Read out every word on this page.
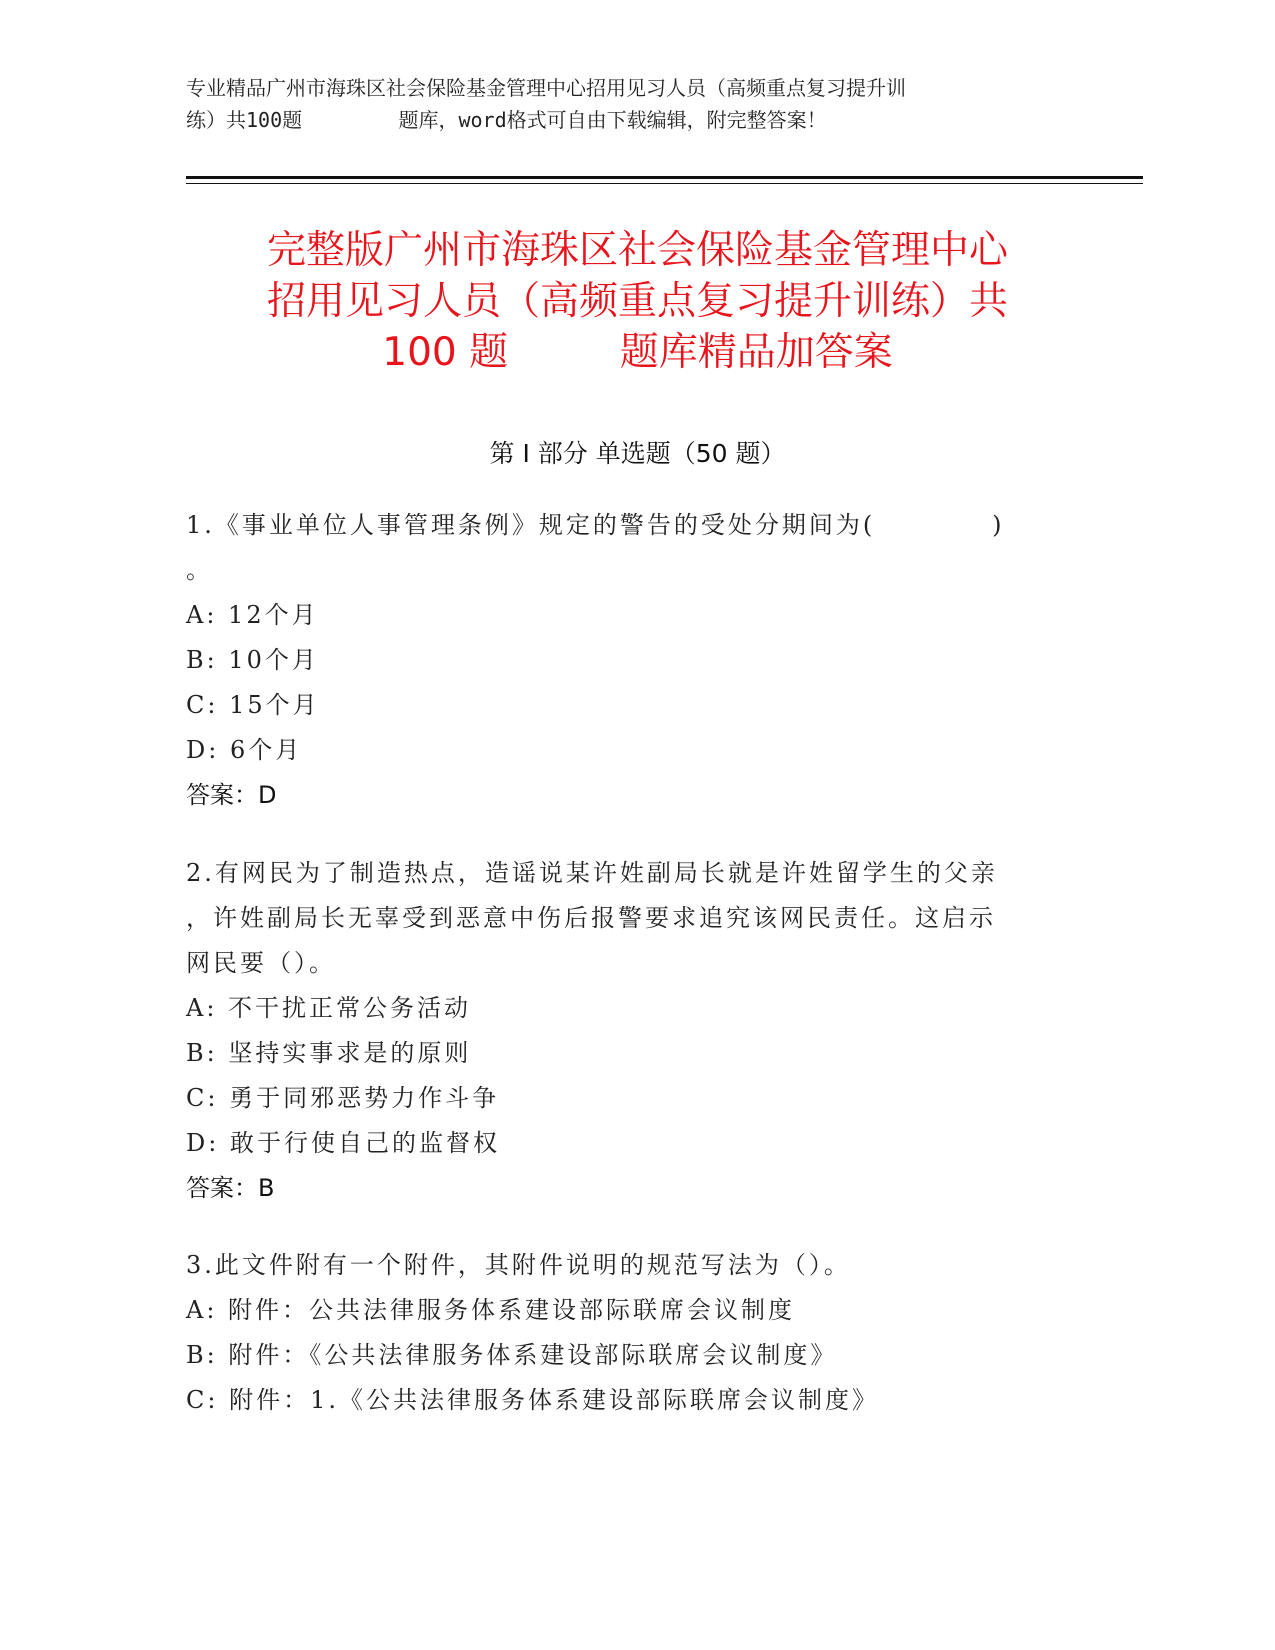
专业精品广州市海珠区社会保险基金管理中心招用见习人员（高频重点复习提升训
练）共100题        题库，word格式可自由下载编辑，附完整答案！
完整版广州市海珠区社会保险基金管理中心
招用见习人员（高频重点复习提升训练）共
100 题         题库精品加答案
第 I 部分 单选题（50 题）
1.《事业单位人事管理条例》规定的警告的受处分期间为(           )
。
A: 12个月
B: 10个月
C: 15个月
D: 6个月
答案：D
2.有网民为了制造热点，造谣说某许姓副局长就是许姓留学生的父亲
，许姓副局长无辜受到恶意中伤后报警要求追究该网民责任。这启示
网民要（）。
A: 不干扰正常公务活动
B: 坚持实事求是的原则
C: 勇于同邪恶势力作斗争
D: 敢于行使自己的监督权
答案：B
3.此文件附有一个附件，其附件说明的规范写法为（）。
A: 附件：公共法律服务体系建设部际联席会议制度
B: 附件：《公共法律服务体系建设部际联席会议制度》
C: 附件：1.《公共法律服务体系建设部际联席会议制度》
